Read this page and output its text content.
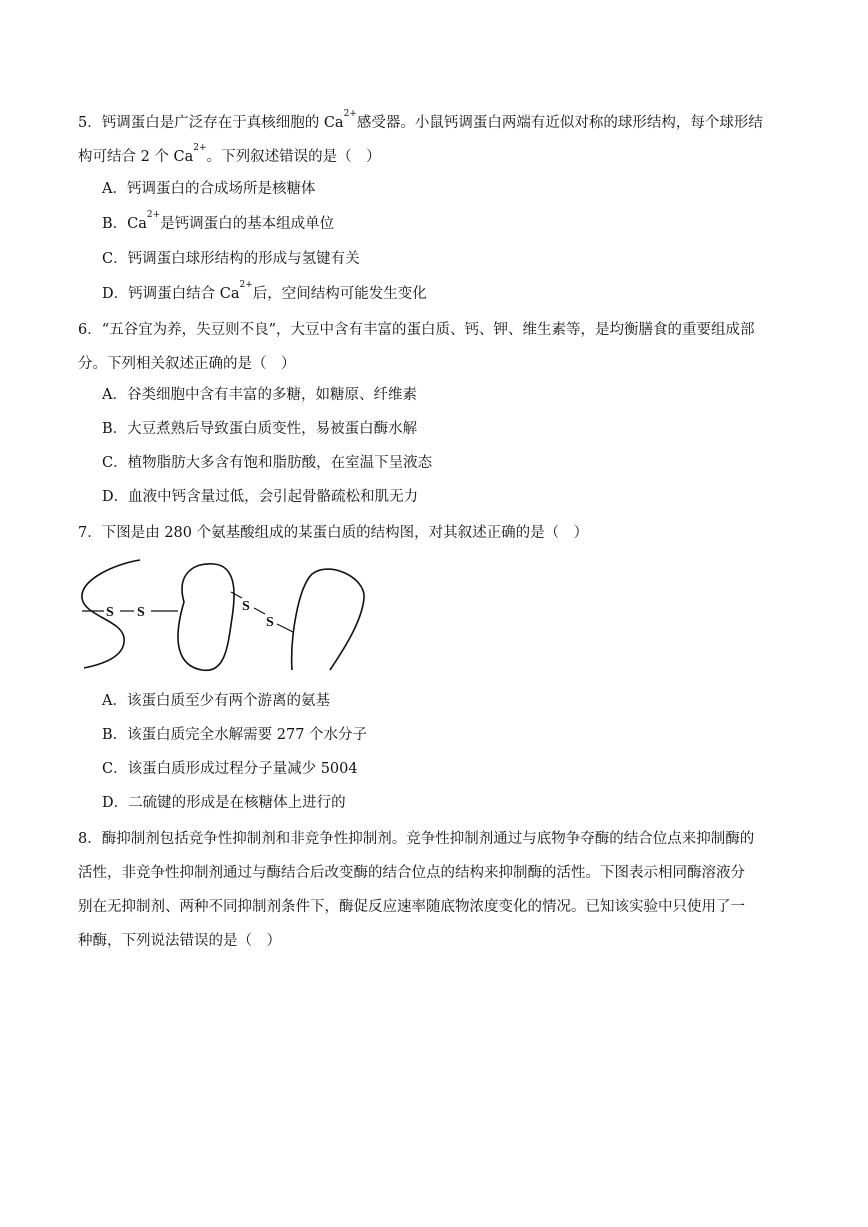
5．钙调蛋白是广泛存在于真核细胞的 $Ca^{2+}$感受器。小鼠钙调蛋白两端有近似对称的球形结构，每个球形结
构可结合 2 个 $Ca^{2+}$。下列叙述错误的是（　）
A．钙调蛋白的合成场所是核糖体
B．$Ca^{2+}$是钙调蛋白的基本组成单位
C．钙调蛋白球形结构的形成与氢键有关
D．钙调蛋白结合 $Ca^{2+}$后，空间结构可能发生变化
6．“五谷宜为养，失豆则不良”，大豆中含有丰富的蛋白质、钙、钾、维生素等，是均衡膳食的重要组成部
分。下列相关叙述正确的是（　）
A．谷类细胞中含有丰富的多糖，如糖原、纤维素
B．大豆煮熟后导致蛋白质变性，易被蛋白酶水解
C．植物脂肪大多含有饱和脂肪酸，在室温下呈液态
D．血液中钙含量过低，会引起骨骼疏松和肌无力
7．下图是由 280 个氨基酸组成的某蛋白质的结构图，对其叙述正确的是（　）
S S	S
S
A．该蛋白质至少有两个游离的氨基
B．该蛋白质完全水解需要 277 个水分子
C．该蛋白质形成过程分子量减少 5004
D．二硫键的形成是在核糖体上进行的
8．酶抑制剂包括竞争性抑制剂和非竞争性抑制剂。竞争性抑制剂通过与底物争夺酶的结合位点来抑制酶的
活性，非竞争性抑制剂通过与酶结合后改变酶的结合位点的结构来抑制酶的活性。下图表示相同酶溶液分
别在无抑制剂、两种不同抑制剂条件下，酶促反应速率随底物浓度变化的情况。已知该实验中只使用了一
种酶，下列说法错误的是（　）
